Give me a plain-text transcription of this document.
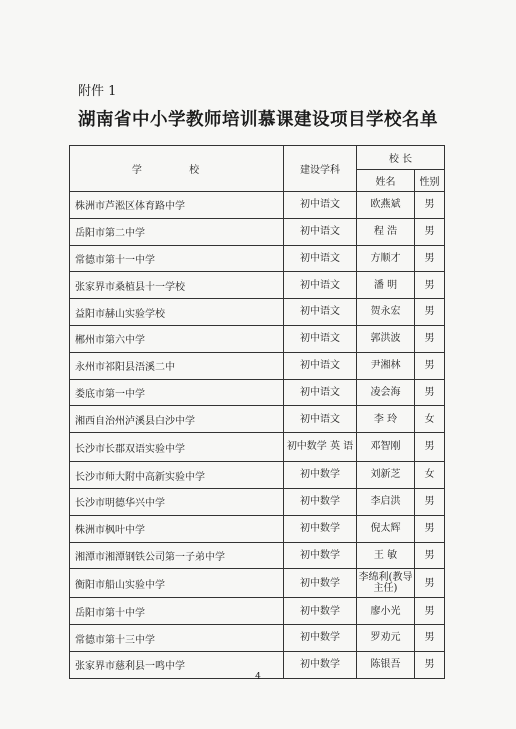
附件 1
湖南省中小学教师培训慕课建设项目学校名单
学 校	建设学科	校 长	
		姓名	性别
株洲市芦淞区体育路中学	初中语文	欧燕斌	男
岳阳市第二中学	初中语文	程 浩	男
常德市第十一中学	初中语文	方顺才	男
张家界市桑植县十一学校	初中语文	潘 明	男
益阳市赫山实验学校	初中语文	贺永宏	男
郴州市第六中学	初中语文	郭洪波	男
永州市祁阳县浯溪二中	初中语文	尹湘林	男
娄底市第一中学	初中语文	凌会海	男
湘西自治州泸溪县白沙中学	初中语文	李 玲	女
长沙市长郡双语实验中学	初中数学 英 语	邓智刚	男
长沙市师大附中高新实验中学	初中数学	刘新芝	女
长沙市明德华兴中学	初中数学	李启洪	男
株洲市枫叶中学	初中数学	倪太辉	男
湘潭市湘潭钢铁公司第一子弟中学	初中数学	王 敏	男
衡阳市船山实验中学	初中数学	李绵利(教导主任)	男
岳阳市第十中学	初中数学	廖小光	男
常德市第十三中学	初中数学	罗劝元	男
张家界市慈利县一鸣中学	初中数学	陈银吾	男
4
